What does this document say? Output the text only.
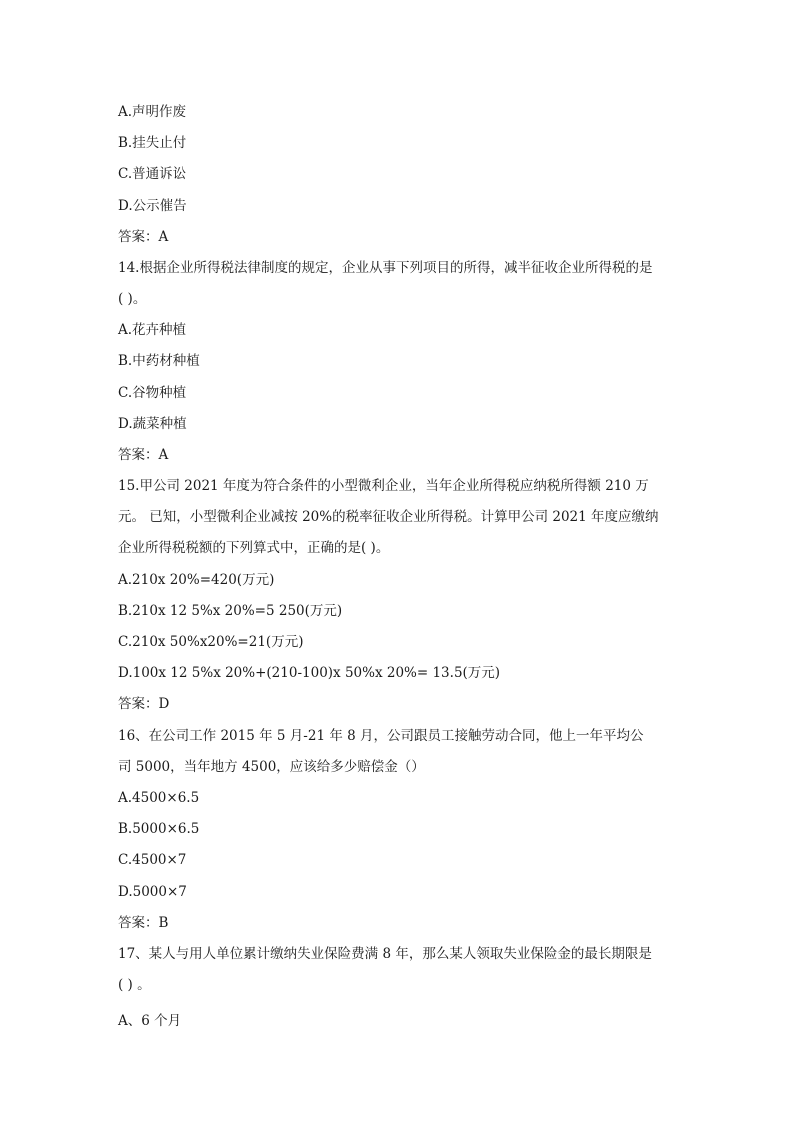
A.声明作废
B.挂失止付
C.普通诉讼
D.公示催告
答案：A
14.根据企业所得税法律制度的规定，企业从事下列项目的所得，减半征收企业所得税的是
( )。
A.花卉种植
B.中药材种植
C.谷物种植
D.蔬菜种植
答案：A
15.甲公司 2021 年度为符合条件的小型微利企业，当年企业所得税应纳税所得额 210 万
元。 已知，小型微利企业减按 20%的税率征收企业所得税。计算甲公司 2021 年度应缴纳
企业所得税税额的下列算式中，正确的是( )。
A.210x 20%=420(万元)
B.210x 12 5%x 20%=5 250(万元)
C.210x 50%x20%=21(万元)
D.100x 12 5%x 20%+(210-100)x 50%x 20%= 13.5(万元)
答案：D
16、在公司工作 2015 年 5 月-21 年 8 月，公司跟员工接触劳动合同，他上一年平均公
司 5000，当年地方 4500，应该给多少赔偿金（）
A.4500×6.5
B.5000×6.5
C.4500×7
D.5000×7
答案：B
17、某人与用人单位累计缴纳失业保险费满 8 年，那么某人领取失业保险金的最长期限是
( ) 。
A、6 个月
